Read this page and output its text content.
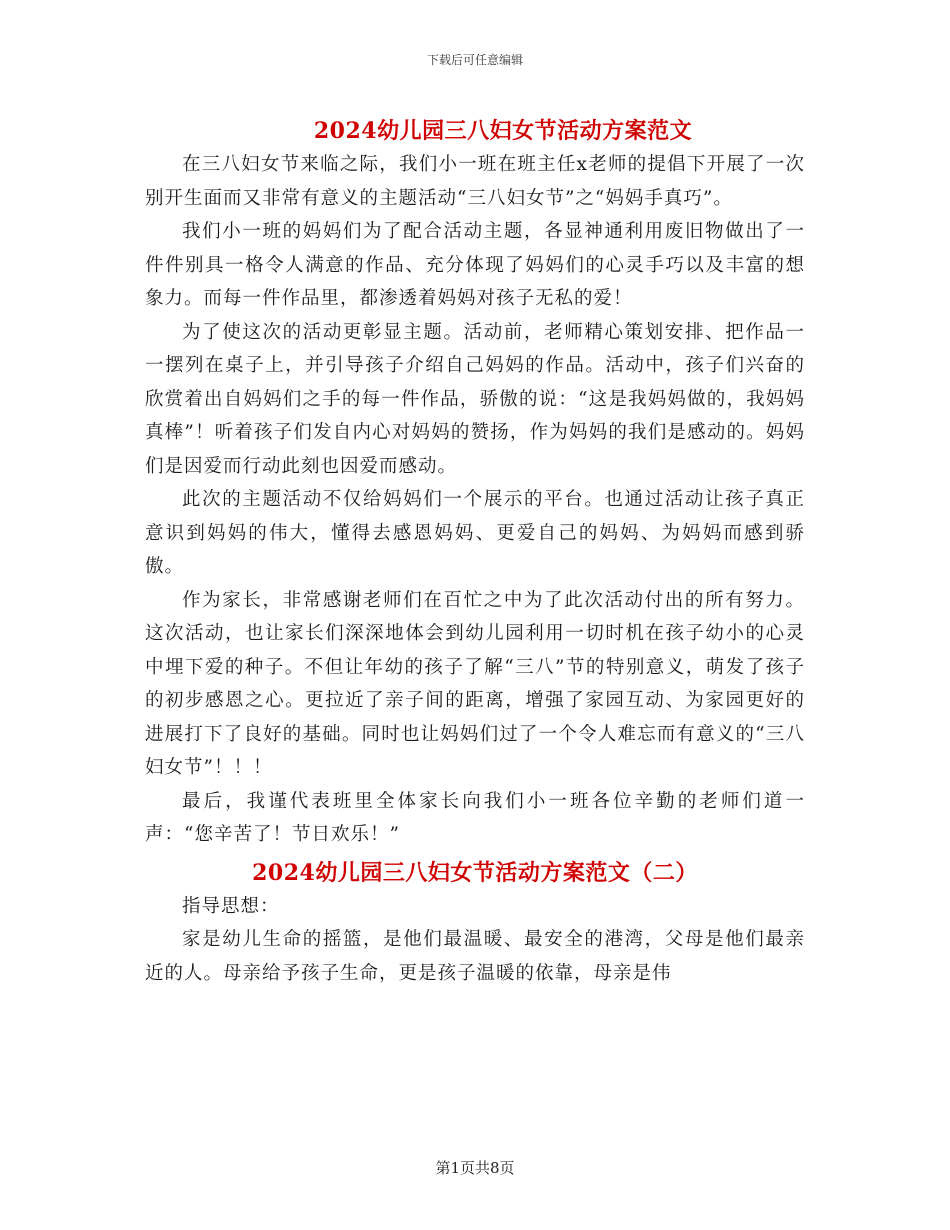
下载后可任意编辑
2024幼儿园三八妇女节活动方案范文

在三八妇女节来临之际，我们小一班在班主任x老师的提倡下开展了一次别开生面而又非常有意义的主题活动“三八妇女节”之“妈妈手真巧”。

我们小一班的妈妈们为了配合活动主题，各显神通利用废旧物做出了一件件别具一格令人满意的作品、充分体现了妈妈们的心灵手巧以及丰富的想象力。而每一件作品里，都渗透着妈妈对孩子无私的爱！

为了使这次的活动更彰显主题。活动前，老师精心策划安排、把作品一一摆列在桌子上，并引导孩子介绍自己妈妈的作品。活动中，孩子们兴奋的欣赏着出自妈妈们之手的每一件作品，骄傲的说：“这是我妈妈做的，我妈妈真棒”！听着孩子们发自内心对妈妈的赞扬，作为妈妈的我们是感动的。妈妈们是因爱而行动此刻也因爱而感动。

此次的主题活动不仅给妈妈们一个展示的平台。也通过活动让孩子真正意识到妈妈的伟大，懂得去感恩妈妈、更爱自己的妈妈、为妈妈而感到骄傲。

作为家长，非常感谢老师们在百忙之中为了此次活动付出的所有努力。这次活动，也让家长们深深地体会到幼儿园利用一切时机在孩子幼小的心灵中埋下爱的种子。不但让年幼的孩子了解“三八”节的特别意义，萌发了孩子的初步感恩之心。更拉近了亲子间的距离，增强了家园互动、为家园更好的进展打下了良好的基础。同时也让妈妈们过了一个令人难忘而有意义的“三八妇女节”！！！

最后，我谨代表班里全体家长向我们小一班各位辛勤的老师们道一声：“您辛苦了！节日欢乐！”

2024幼儿园三八妇女节活动方案范文（二）

指导思想：

家是幼儿生命的摇篮，是他们最温暖、最安全的港湾，父母是他们最亲近的人。母亲给予孩子生命，更是孩子温暖的依靠，母亲是伟

第1页共8页
